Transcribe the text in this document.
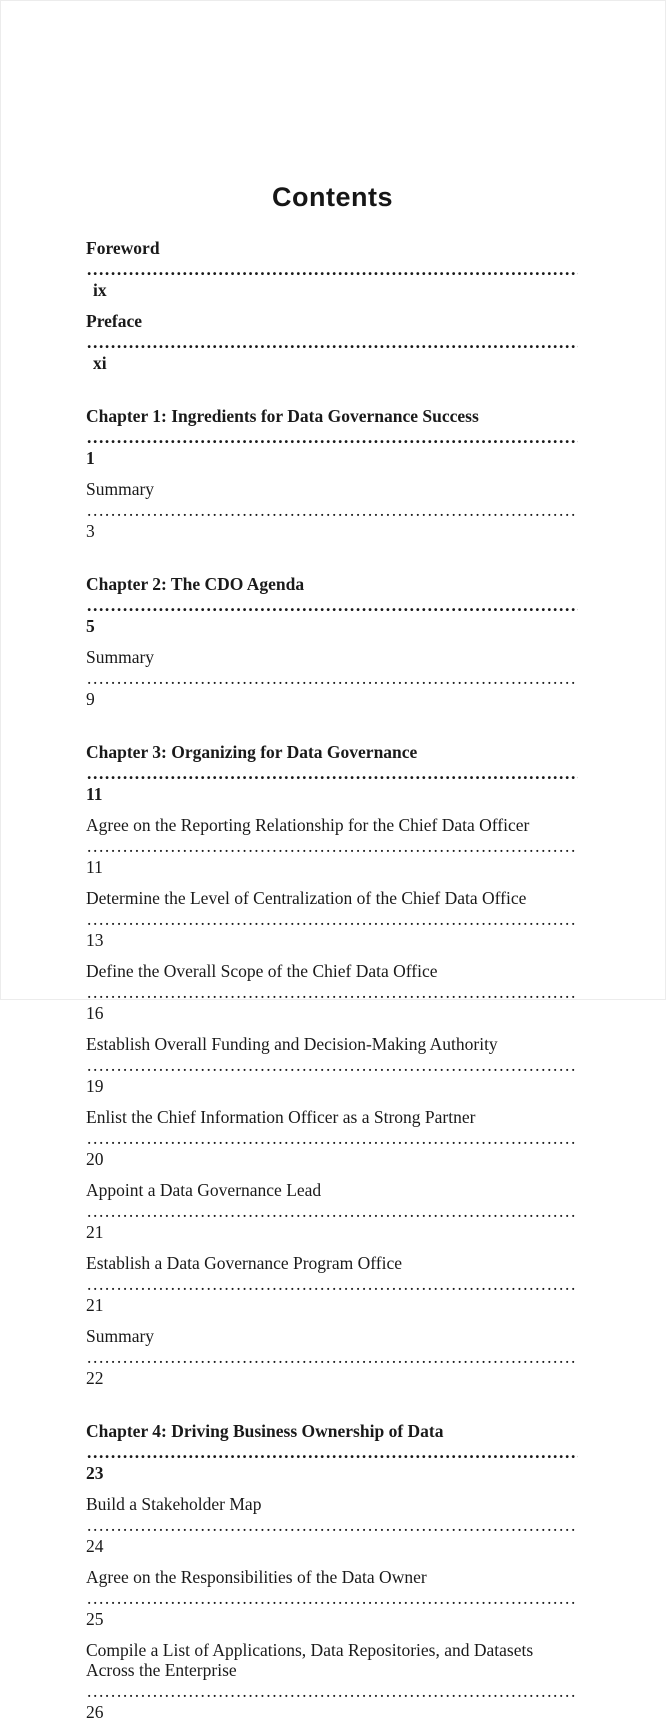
Contents
Foreword
.....
ix
Preface
.....
xi
Chapter 1: Ingredients for Data Governance Success
.....
1
Summary
.....
3
Chapter 2: The CDO Agenda
.....
5
Summary
.....
9
Chapter 3: Organizing for Data Governance
.....
11
Agree on the Reporting Relationship for the Chief Data Officer
.....
11
Determine the Level of Centralization of the Chief Data Office
.....
13
Define the Overall Scope of the Chief Data Office
.....
16
Establish Overall Funding and Decision-Making Authority
.....
19
Enlist the Chief Information Officer as a Strong Partner
.....
20
Appoint a Data Governance Lead
.....
21
Establish a Data Governance Program Office
.....
21
Summary
.....
22
Chapter 4: Driving Business Ownership of Data
.....
23
Build a Stakeholder Map
.....
24
Agree on the Responsibilities of the Data Owner
.....
25
Compile a List of Applications, Data Repositories, and Datasets
Across the Enterprise
.....
26
